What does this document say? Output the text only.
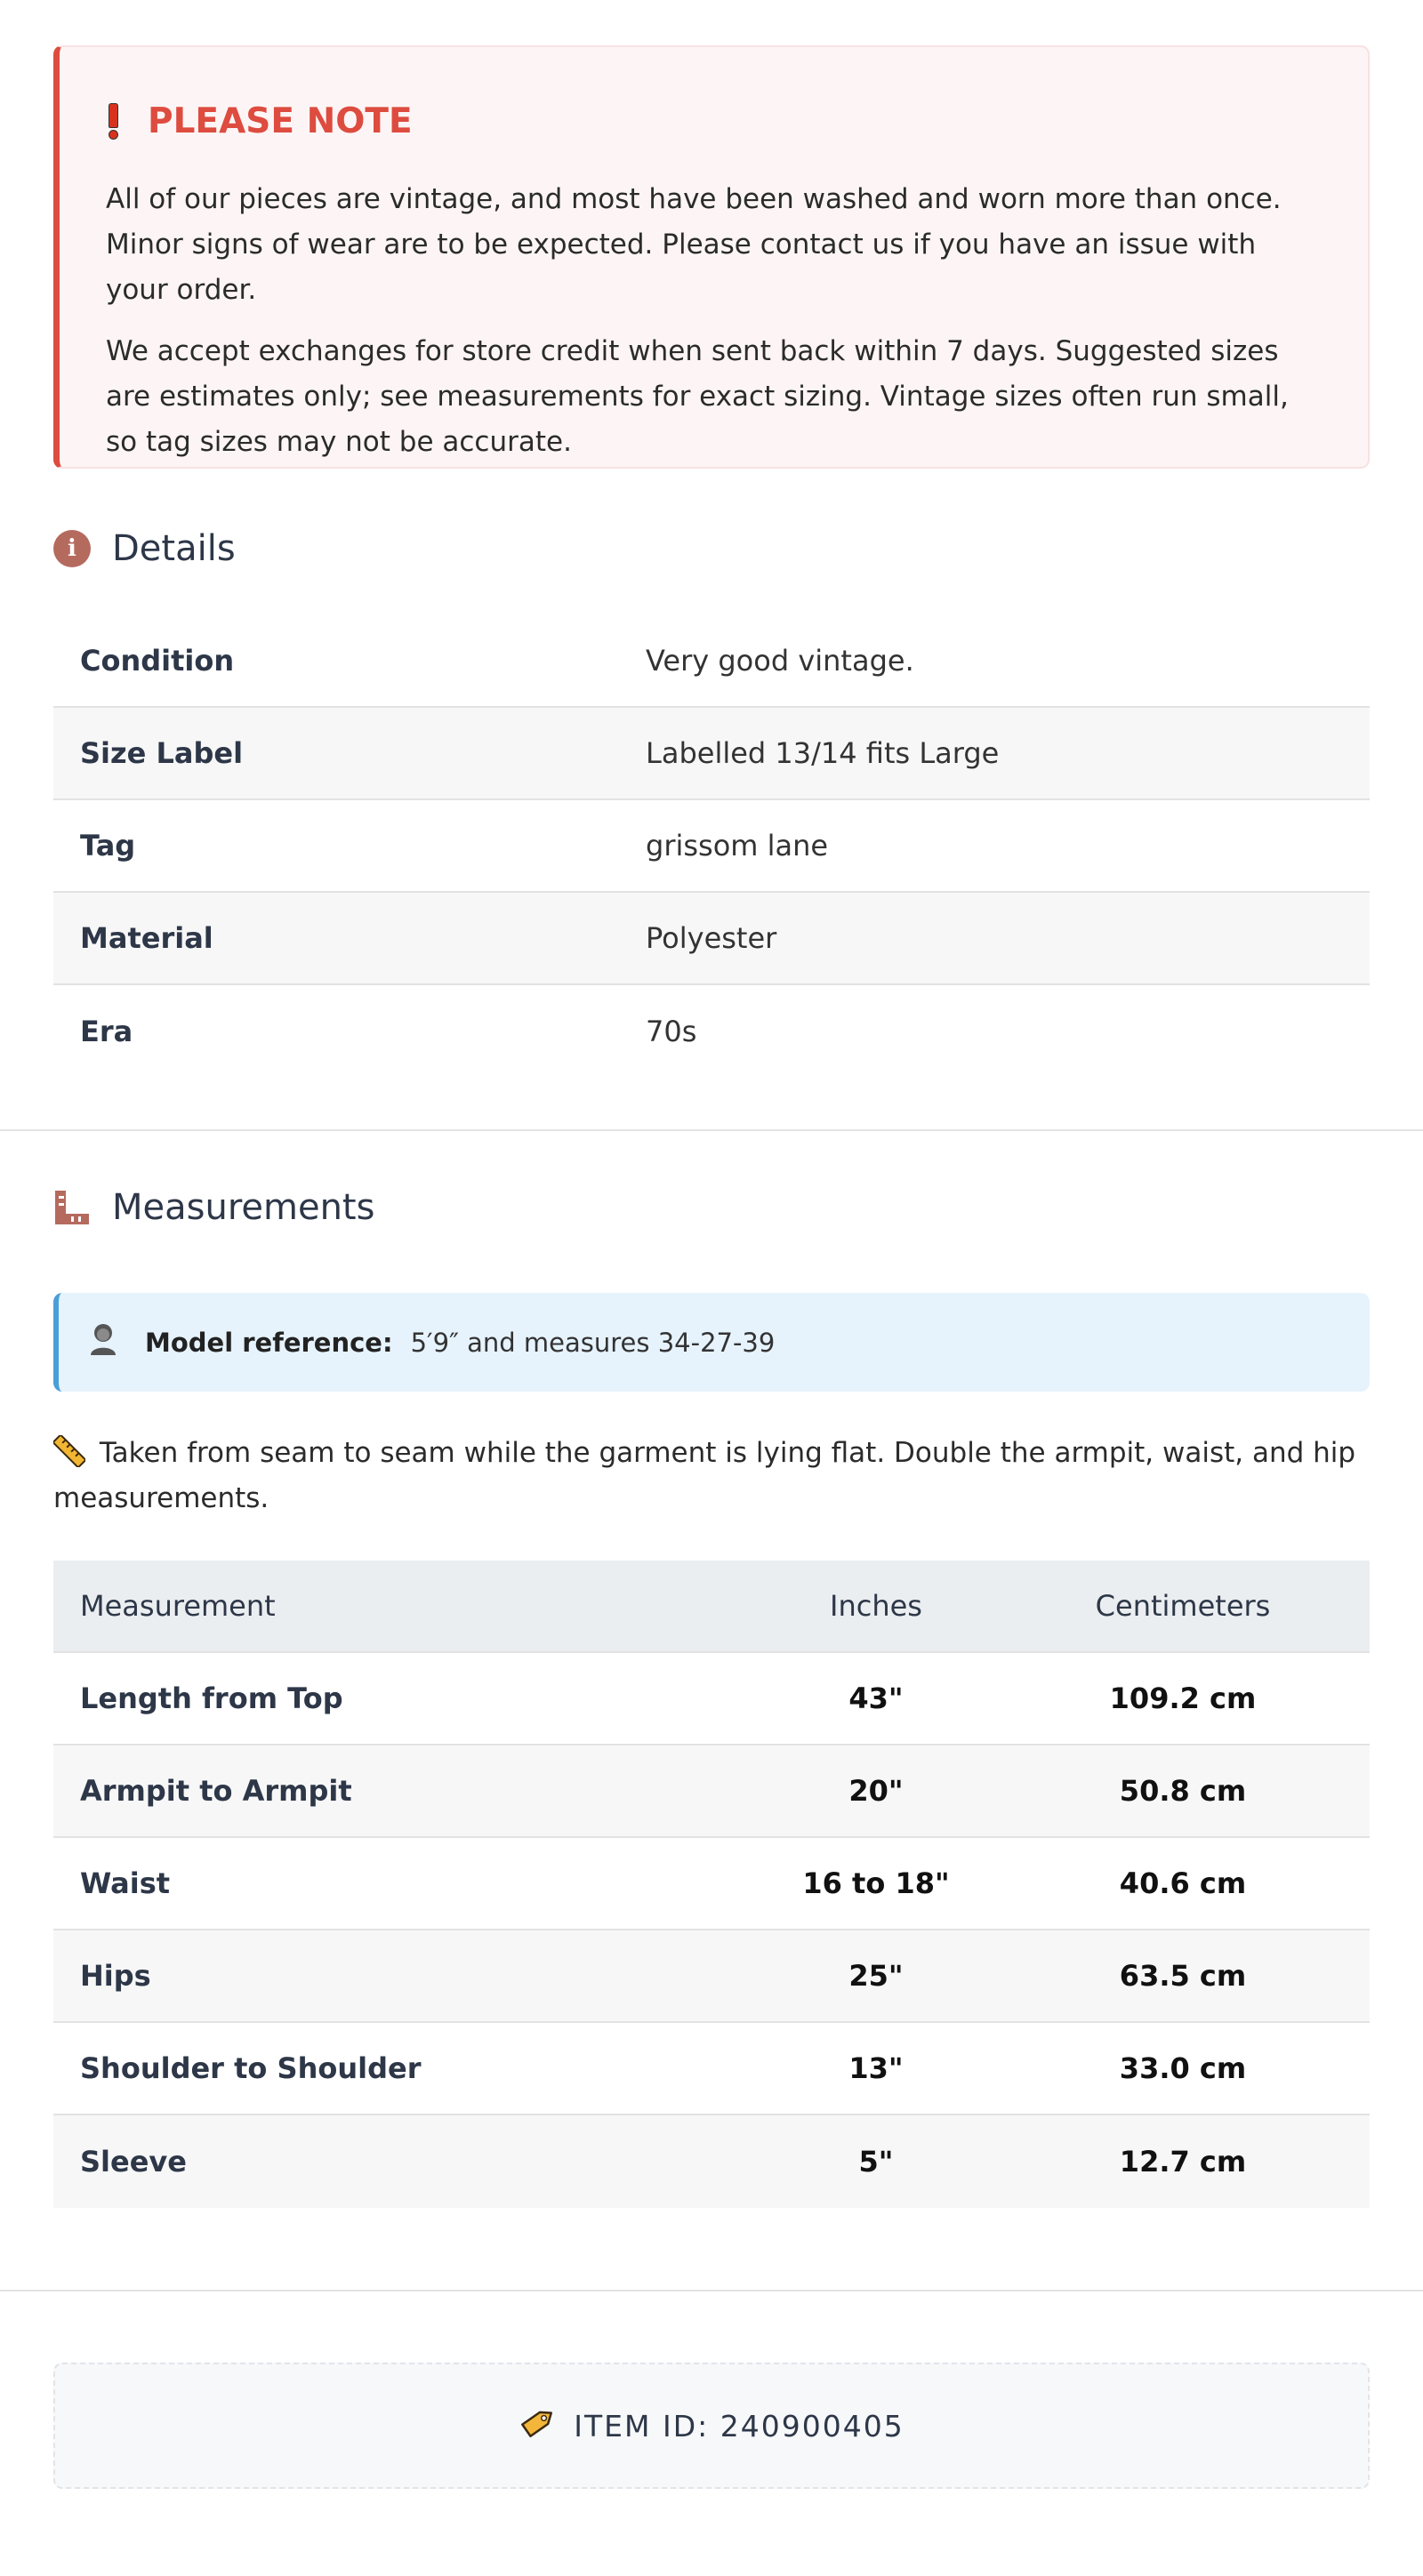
PLEASE NOTE

All of our pieces are vintage, and most have been washed and worn more than once. Minor signs of wear are to be expected. Please contact us if you have an issue with your order.

We accept exchanges for store credit when sent back within 7 days. Suggested sizes are estimates only; see measurements for exact sizing. Vintage sizes often run small, so tag sizes may not be accurate.

i	Details
Condition	Very good vintage.
Size Label	Labelled 13/14 fits Large
Tag	grissom lane
Material	Polyester
Era	70s
Measurements
Model reference: 5′9″ and measures 34-27-39
Taken from seam to seam while the garment is lying flat. Double the armpit, waist, and hip measurements.
Measurement	Inches	Centimeters
Length from Top	43"	109.2 cm
Armpit to Armpit	20"	50.8 cm
Waist	16 to 18"	40.6 cm
Hips	25"	63.5 cm
Shoulder to Shoulder	13"	33.0 cm
Sleeve	5"	12.7 cm
ITEM ID: 240900405
